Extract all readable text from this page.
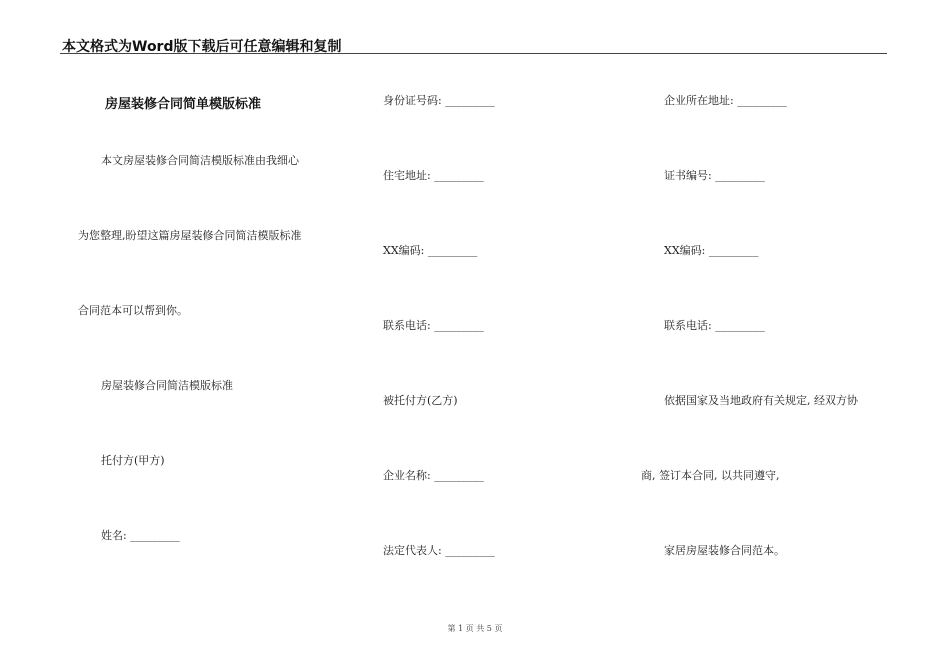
本文格式为Word版下载后可任意编辑和复制
房屋装修合同简单模版标准
本文房屋装修合同简洁模版标准由我细心
为您整理,盼望这篇房屋装修合同简洁模版标准
合同范本可以帮到你。
房屋装修合同简洁模版标准
托付方(甲方)
姓名: _________
身份证号码: _________
住宅地址: _________
XX编码: _________
联系电话: _________
被托付方(乙方)
企业名称: _________
法定代表人: _________
企业所在地址: _________
证书编号: _________
XX编码: _________
联系电话: _________
依据国家及当地政府有关规定, 经双方协
商, 签订本合同, 以共同遵守,
家居房屋装修合同范本。
第 1 页 共 5 页
